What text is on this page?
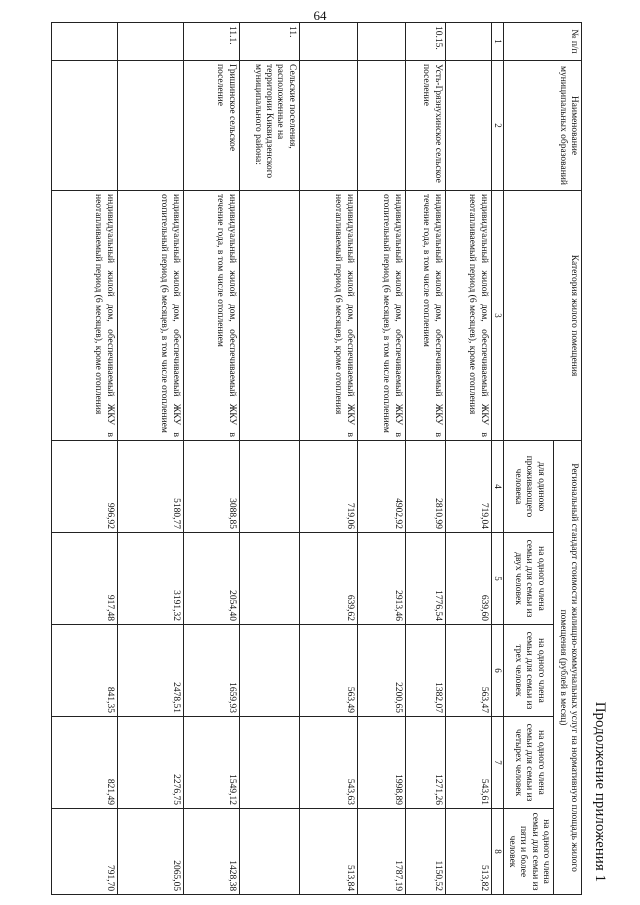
64
Продолжение приложения 1
№ п/п	Наименование муниципальных образований	Категория жилого помещения	Региональный стандарт стоимости жилищно-коммунальных услуг на нормативную площадь жилого помещения (рублей в месяц)				
			для одиноко проживающего человека	на одного члена семьи для семьи из двух человек	на одного члена семьи для семьи из трех человек	на одного члена семьи для семьи из четырех человек	на одного члена семьи для семьи из пяти и более человек
1	2	3	4	5	6	7	8
		индивидуальный жилой дом, обеспечиваемый ЖКУ в неотапливаемый период (6 месяцев), кроме отопления	719,04	639,60	563,47	543,61	513,82
10.15.	Усть-Грязнухинское сельское поселение	индивидуальный жилой дом, обеспечиваемый ЖКУ в течение года, в том числе отоплением	2810,99	1776,54	1382,07	1271,26	1150,52
		индивидуальный жилой дом, обеспечиваемый ЖКУ в отопительный период (6 месяцев), в том числе отоплением	4902,92	2913,46	2200,65	1998,89	1787,19
		индивидуальный жилой дом, обеспечиваемый ЖКУ в неотапливаемый период (6 месяцев), кроме отопления	719,06	639,62	563,49	543,63	513,84
11.	Сельские поселения, расположенные на территории Киквидзенского муниципального района:						
11.1.	Гришинское сельское поселение	индивидуальный жилой дом, обеспечиваемый ЖКУ в течение года, в том числе отоплением	3088,85	2054,40	1659,93	1549,12	1428,38
		индивидуальный жилой дом, обеспечиваемый ЖКУ в отопительный период (6 месяцев), в том числе отоплением	5180,77	3191,32	2478,51	2276,75	2065,05
		индивидуальный жилой дом, обеспечиваемый ЖКУ в неотапливаемый период (6 месяцев), кроме отопления	996,92	917,48	841,35	821,49	791,70
